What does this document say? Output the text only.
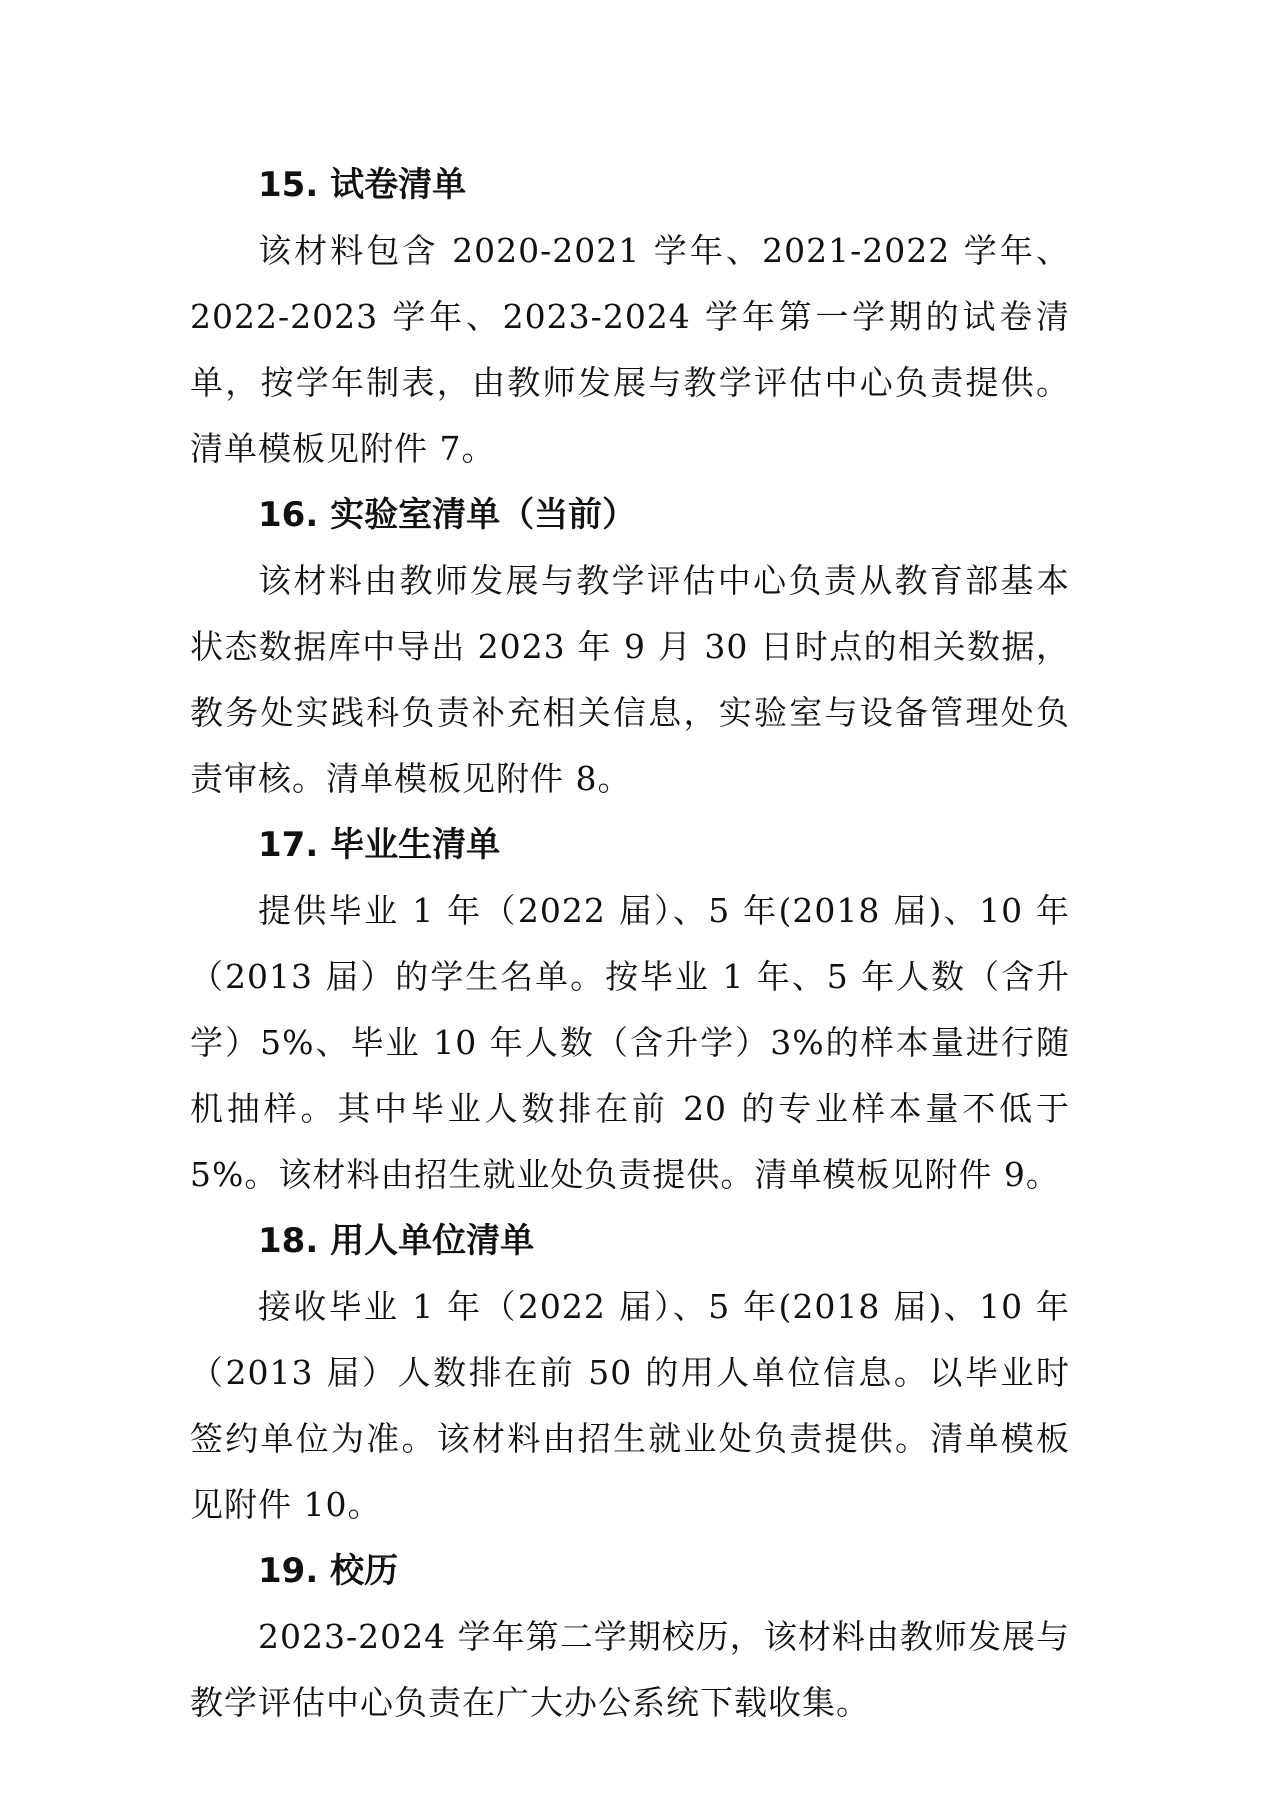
15. 试卷清单

该材料包含 2020-2021 学年、2021-2022 学年、2022-2023 学年、2023-2024 学年第一学期的试卷清单，按学年制表，由教师发展与教学评估中心负责提供。清单模板见附件 7。

16. 实验室清单（当前）

该材料由教师发展与教学评估中心负责从教育部基本状态数据库中导出 2023 年 9 月 30 日时点的相关数据，教务处实践科负责补充相关信息，实验室与设备管理处负责审核。清单模板见附件 8。

17. 毕业生清单

提供毕业 1 年（2022 届）、5 年(2018 届)、10 年（2013 届）的学生名单。按毕业 1 年、5 年人数（含升学）5%、毕业 10 年人数（含升学）3%的样本量进行随机抽样。其中毕业人数排在前 20 的专业样本量不低于 5%。该材料由招生就业处负责提供。清单模板见附件 9。

18. 用人单位清单

接收毕业 1 年（2022 届）、5 年(2018 届)、10 年（2013 届）人数排在前 50 的用人单位信息。以毕业时签约单位为准。该材料由招生就业处负责提供。清单模板见附件 10。

19. 校历

2023-2024 学年第二学期校历，该材料由教师发展与教学评估中心负责在广大办公系统下载收集。
